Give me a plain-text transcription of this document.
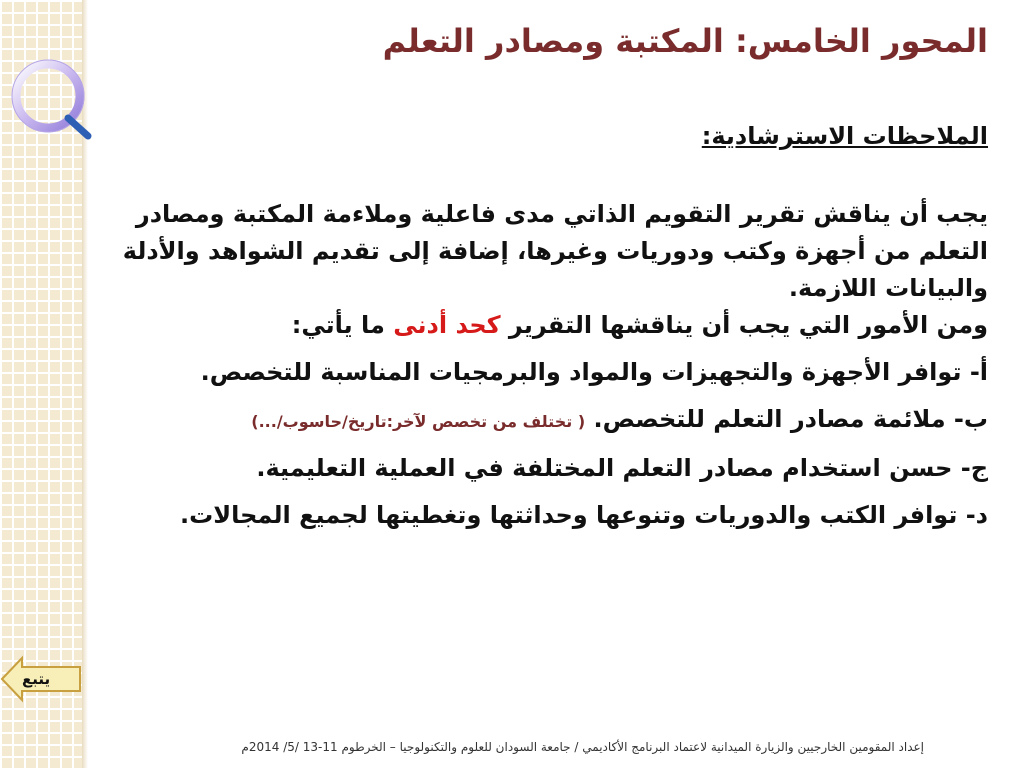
المحور الخامس: المكتبة ومصادر التعلم

الملاحظات الاسترشادية:

يجب أن يناقش تقرير التقويم الذاتي مدى فاعلية وملاءمة المكتبة ومصادر التعلم من أجهزة وكتب ودوريات وغيرها، إضافة إلى تقديم الشواهد والأدلة والبيانات اللازمة.

ومن الأمور التي يجب أن يناقشها التقرير كحد أدنى ما يأتي:

أ- توافر الأجهزة والتجهيزات والمواد والبرمجيات المناسبة للتخصص.

ب- ملائمة مصادر التعلم للتخصص. ( تختلف من تخصص لآخر:تاريخ/حاسوب/...)

ج- حسن استخدام مصادر التعلم المختلفة في العملية التعليمية.

د- توافر الكتب والدوريات وتنوعها وحداثتها وتغطيتها لجميع المجالات.

يتبع
إعداد المقومين الخارجيين والزيارة الميدانية لاعتماد البرنامج الأكاديمي / جامعة السودان للعلوم والتكنولوجيا – الخرطوم 11-13 /5/ 2014م
